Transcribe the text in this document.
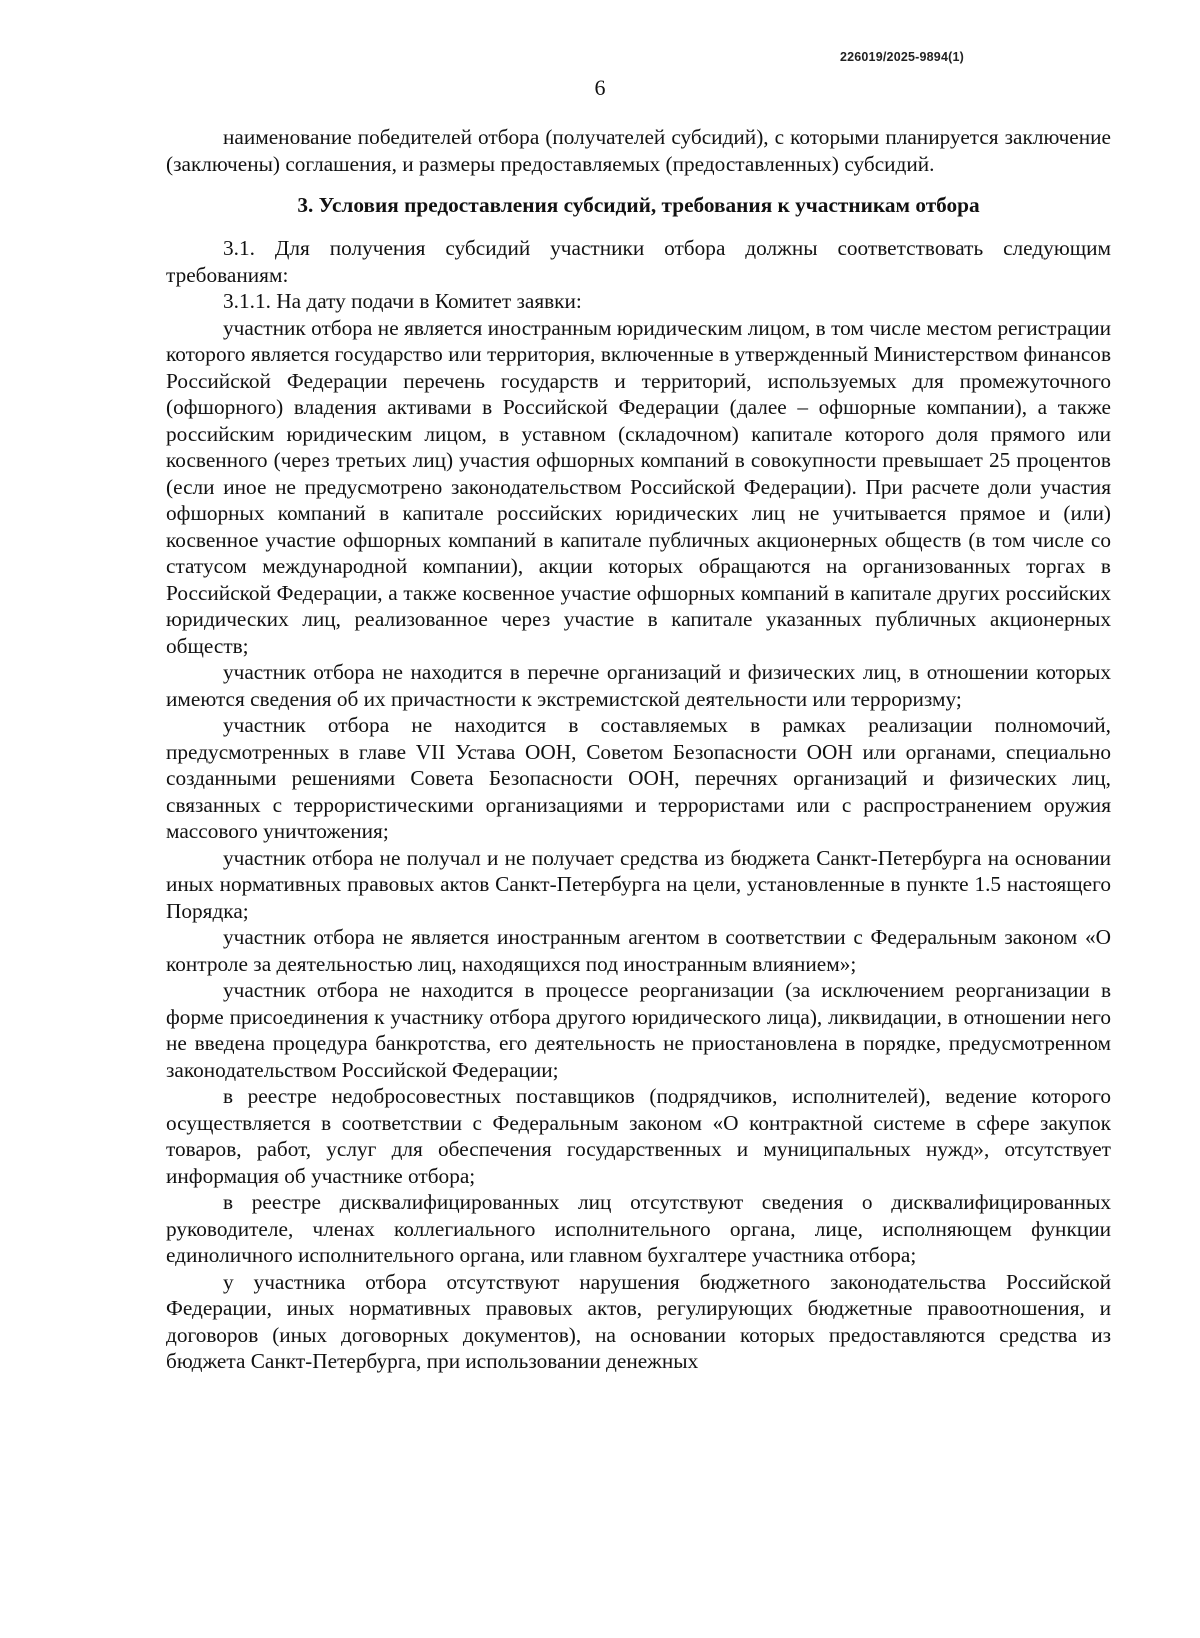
226019/2025-9894(1)
6

наименование победителей отбора (получателей субсидий), с которыми планируется заключение (заключены) соглашения, и размеры предоставляемых (предоставленных) субсидий.

3. Условия предоставления субсидий, требования к участникам отбора

3.1. Для получения субсидий участники отбора должны соответствовать следующим требованиям:

3.1.1. На дату подачи в Комитет заявки:

участник отбора не является иностранным юридическим лицом, в том числе местом регистрации которого является государство или территория, включенные в утвержденный Министерством финансов Российской Федерации перечень государств и территорий, используемых для промежуточного (офшорного) владения активами в Российской Федерации (далее – офшорные компании), а также российским юридическим лицом, в уставном (складочном) капитале которого доля прямого или косвенного (через третьих лиц) участия офшорных компаний в совокупности превышает 25 процентов (если иное не предусмотрено законодательством Российской Федерации). При расчете доли участия офшорных компаний в капитале российских юридических лиц не учитывается прямое и (или) косвенное участие офшорных компаний в капитале публичных акционерных обществ (в том числе со статусом международной компании), акции которых обращаются на организованных торгах в Российской Федерации, а также косвенное участие офшорных компаний в капитале других российских юридических лиц, реализованное через участие в капитале указанных публичных акционерных обществ;

участник отбора не находится в перечне организаций и физических лиц, в отношении которых имеются сведения об их причастности к экстремистской деятельности или терроризму;

участник отбора не находится в составляемых в рамках реализации полномочий, предусмотренных в главе VII Устава ООН, Советом Безопасности ООН или органами, специально созданными решениями Совета Безопасности ООН, перечнях организаций и физических лиц, связанных с террористическими организациями и террористами или с распространением оружия массового уничтожения;

участник отбора не получал и не получает средства из бюджета Санкт-Петербурга на основании иных нормативных правовых актов Санкт-Петербурга на цели, установленные в пункте 1.5 настоящего Порядка;

участник отбора не является иностранным агентом в соответствии с Федеральным законом «О контроле за деятельностью лиц, находящихся под иностранным влиянием»;

участник отбора не находится в процессе реорганизации (за исключением реорганизации в форме присоединения к участнику отбора другого юридического лица), ликвидации, в отношении него не введена процедура банкротства, его деятельность не приостановлена в порядке, предусмотренном законодательством Российской Федерации;

в реестре недобросовестных поставщиков (подрядчиков, исполнителей), ведение которого осуществляется в соответствии с Федеральным законом «О контрактной системе в сфере закупок товаров, работ, услуг для обеспечения государственных и муниципальных нужд», отсутствует информация об участнике отбора;

в реестре дисквалифицированных лиц отсутствуют сведения о дисквалифицированных руководителе, членах коллегиального исполнительного органа, лице, исполняющем функции единоличного исполнительного органа, или главном бухгалтере участника отбора;

у участника отбора отсутствуют нарушения бюджетного законодательства Российской Федерации, иных нормативных правовых актов, регулирующих бюджетные правоотношения, и договоров (иных договорных документов), на основании которых предоставляются средства из бюджета Санкт-Петербурга, при использовании денежных
